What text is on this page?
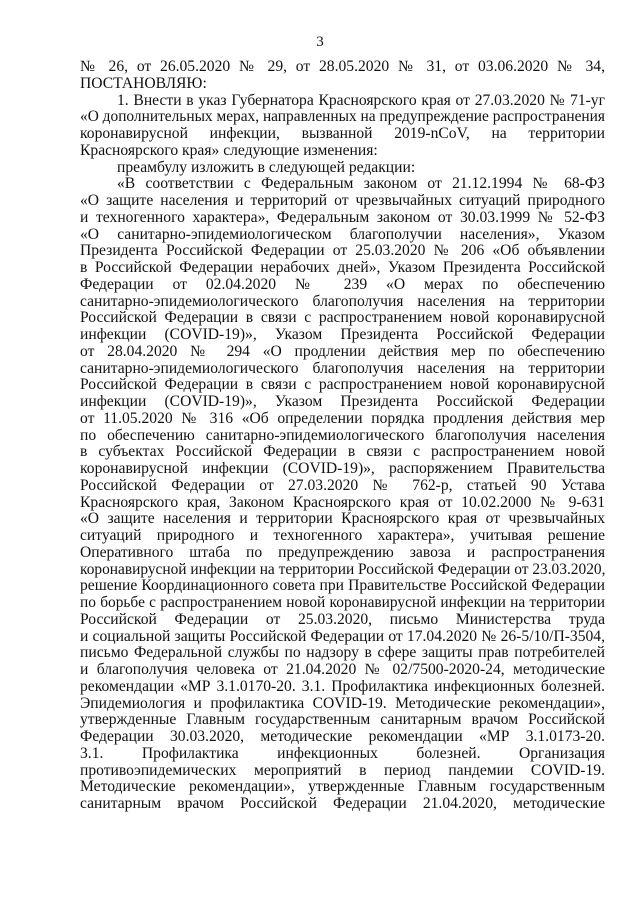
3
№ 26, от 26.05.2020 № 29, от 28.05.2020 № 31, от 03.06.2020 № 34,
ПОСТАНОВЛЯЮ:
1. Внести в указ Губернатора Красноярского края от 27.03.2020 № 71-уг
«О дополнительных мерах, направленных на предупреждение распространения
коронавирусной инфекции, вызванной 2019-nCoV, на территории
Красноярского края» следующие изменения:
преамбулу изложить в следующей редакции:
«В соответствии с Федеральным законом от 21.12.1994 № 68-ФЗ
«О защите населения и территорий от чрезвычайных ситуаций природного
и техногенного характера», Федеральным законом от 30.03.1999 № 52-ФЗ
«О санитарно-эпидемиологическом благополучии населения», Указом
Президента Российской Федерации от 25.03.2020 № 206 «Об объявлении
в Российской Федерации нерабочих дней», Указом Президента Российской
Федерации от 02.04.2020 № 239 «О мерах по обеспечению
санитарно-эпидемиологического благополучия населения на территории
Российской Федерации в связи с распространением новой коронавирусной
инфекции (COVID-19)», Указом Президента Российской Федерации
от 28.04.2020 № 294 «О продлении действия мер по обеспечению
санитарно-эпидемиологического благополучия населения на территории
Российской Федерации в связи с распространением новой коронавирусной
инфекции (COVID-19)», Указом Президента Российской Федерации
от 11.05.2020 № 316 «Об определении порядка продления действия мер
по обеспечению санитарно-эпидемиологического благополучия населения
в субъектах Российской Федерации в связи с распространением новой
коронавирусной инфекции (COVID-19)», распоряжением Правительства
Российской Федерации от 27.03.2020 № 762-р, статьей 90 Устава
Красноярского края, Законом Красноярского края от 10.02.2000 № 9-631
«О защите населения и территории Красноярского края от чрезвычайных
ситуаций природного и техногенного характера», учитывая решение
Оперативного штаба по предупреждению завоза и распространения
коронавирусной инфекции на территории Российской Федерации от 23.03.2020,
решение Координационного совета при Правительстве Российской Федерации
по борьбе с распространением новой коронавирусной инфекции на территории
Российской Федерации от 25.03.2020, письмо Министерства труда
и социальной защиты Российской Федерации от 17.04.2020 № 26-5/10/П-3504,
письмо Федеральной службы по надзору в сфере защиты прав потребителей
и благополучия человека от 21.04.2020 № 02/7500-2020-24, методические
рекомендации «МР 3.1.0170-20. 3.1. Профилактика инфекционных болезней.
Эпидемиология и профилактика COVID-19. Методические рекомендации»,
утвержденные Главным государственным санитарным врачом Российской
Федерации 30.03.2020, методические рекомендации «МР 3.1.0173-20.
3.1. Профилактика инфекционных болезней. Организация
противоэпидемических мероприятий в период пандемии COVID-19.
Методические рекомендации», утвержденные Главным государственным
санитарным врачом Российской Федерации 21.04.2020, методические
